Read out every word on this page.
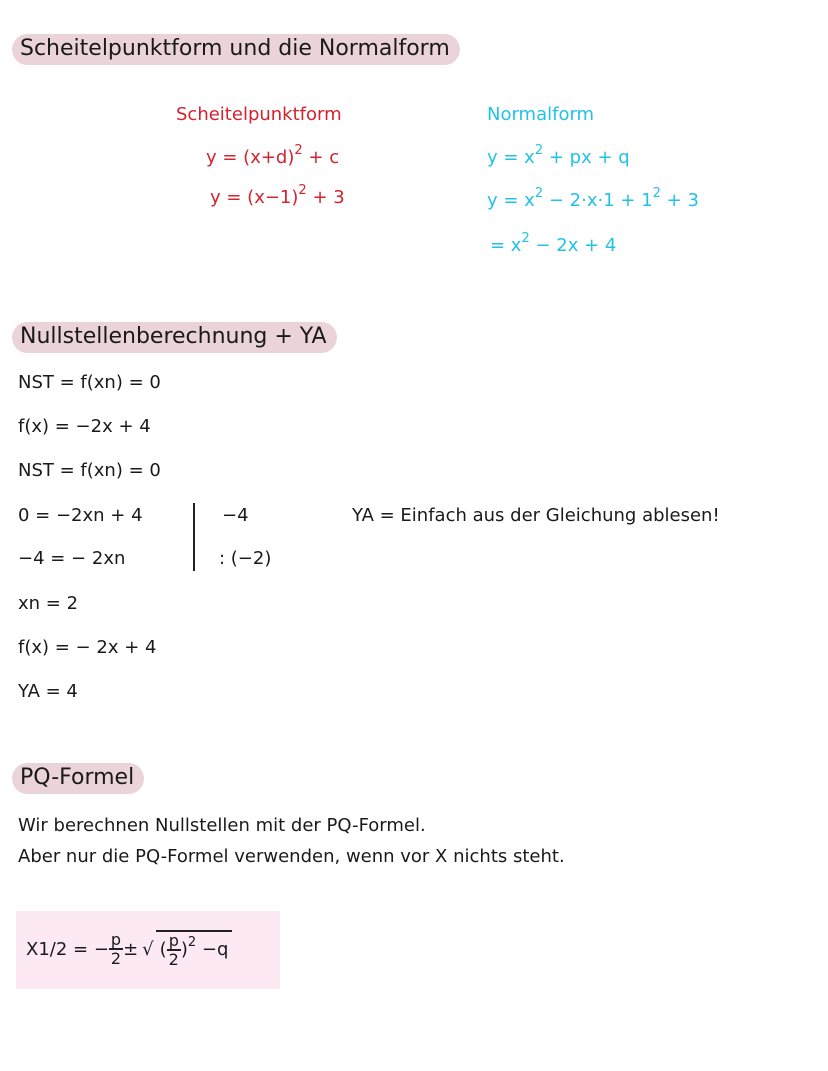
Scheitelpunktform und die Normalform
Scheitelpunktform
$y = (x+d)^2 + c$
$y = (x-1)^2 + 3$
Normalform
$y = x^2$ + px + q
$y = x^2 - 2\cdot x\cdot 1 + 1^2 + 3$
= $x^2 - 2x + 4$
Nullstellenberechnung + YA
NST = f(xn) = 0
f(x) = −2x + 4
NST = f(xn) = 0
0 = −2xn + 4
−4 = − 2xn
xn = 2
f(x) = − 2x + 4
YA = 4
−4
: (−2)
YA = Einfach aus der Gleichung ablesen!
PQ-Formel
Wir berechnen Nullstellen mit der PQ-Formel.
Aber nur die PQ-Formel verwenden, wenn vor X nichts steht.
X1/2 = − $\frac{p}{2}$ ± √ ( $\frac{p}{2} )^2 -q$
